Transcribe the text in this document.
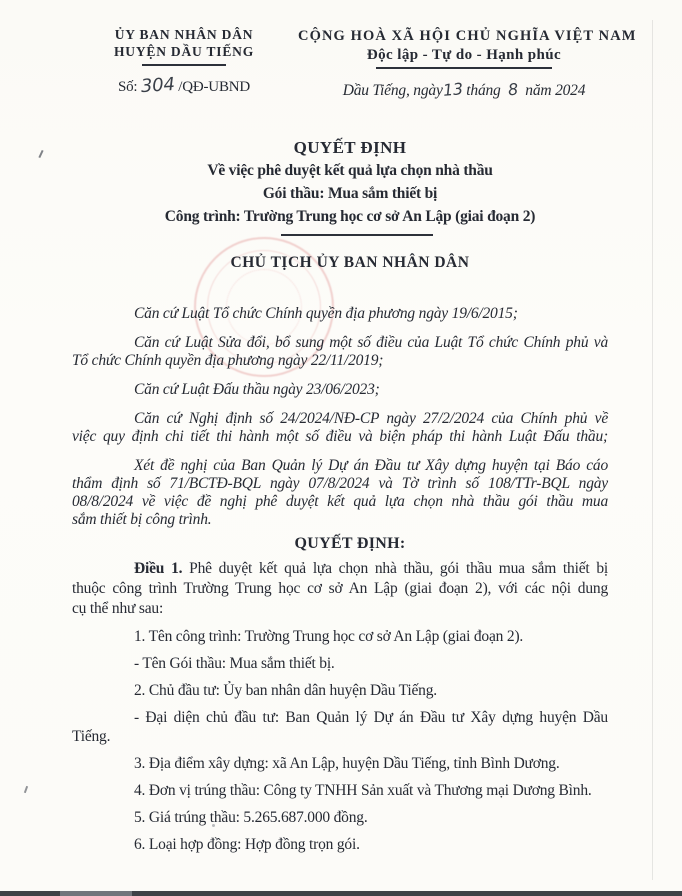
ỦY BAN NHÂN DÂN
HUYỆN DẦU TIẾNG
Số: 304 /QĐ-UBND
CỘNG HOÀ XÃ HỘI CHỦ NGHĨA VIỆT NAM
Độc lập - Tự do - Hạnh phúc
Dầu Tiếng, ngày13 tháng 8 năm 2024
QUYẾT ĐỊNH
Về việc phê duyệt kết quả lựa chọn nhà thầu
Gói thầu: Mua sắm thiết bị
Công trình: Trường Trung học cơ sở An Lập (giai đoạn 2)
CHỦ TỊCH ỦY BAN NHÂN DÂN
Căn cứ Luật Tổ chức Chính quyền địa phương ngày 19/6/2015;
Căn cứ Luật Sửa đổi, bổ sung một số điều của Luật Tổ chức Chính phủ và
Tổ chức Chính quyền địa phương ngày 22/11/2019;
Căn cứ Luật Đấu thầu ngày 23/06/2023;
Căn cứ Nghị định số 24/2024/NĐ-CP ngày 27/2/2024 của Chính phủ về
việc quy định chi tiết thi hành một số điều và biện pháp thi hành Luật Đấu thầu;
Xét đề nghị của Ban Quản lý Dự án Đầu tư Xây dựng huyện tại Báo cáo
thẩm định số 71/BCTĐ-BQL ngày 07/8/2024 và Tờ trình số 108/TTr-BQL ngày
08/8/2024 về việc đề nghị phê duyệt kết quả lựa chọn nhà thầu gói thầu mua
sắm thiết bị công trình.
QUYẾT ĐỊNH:
Điều 1. Phê duyệt kết quả lựa chọn nhà thầu, gói thầu mua sắm thiết bị
thuộc công trình Trường Trung học cơ sở An Lập (giai đoạn 2), với các nội dung
cụ thể như sau:
1. Tên công trình: Trường Trung học cơ sở An Lập (giai đoạn 2).
- Tên Gói thầu: Mua sắm thiết bị.
2. Chủ đầu tư: Ủy ban nhân dân huyện Dầu Tiếng.
- Đại diện chủ đầu tư: Ban Quản lý Dự án Đầu tư Xây dựng huyện Dầu
Tiếng.
3. Địa điểm xây dựng: xã An Lập, huyện Dầu Tiếng, tỉnh Bình Dương.
4. Đơn vị trúng thầu: Công ty TNHH Sản xuất và Thương mại Dương Bình.
5. Giá trúng thầu: 5.265.687.000 đồng.
6. Loại hợp đồng: Hợp đồng trọn gói.
